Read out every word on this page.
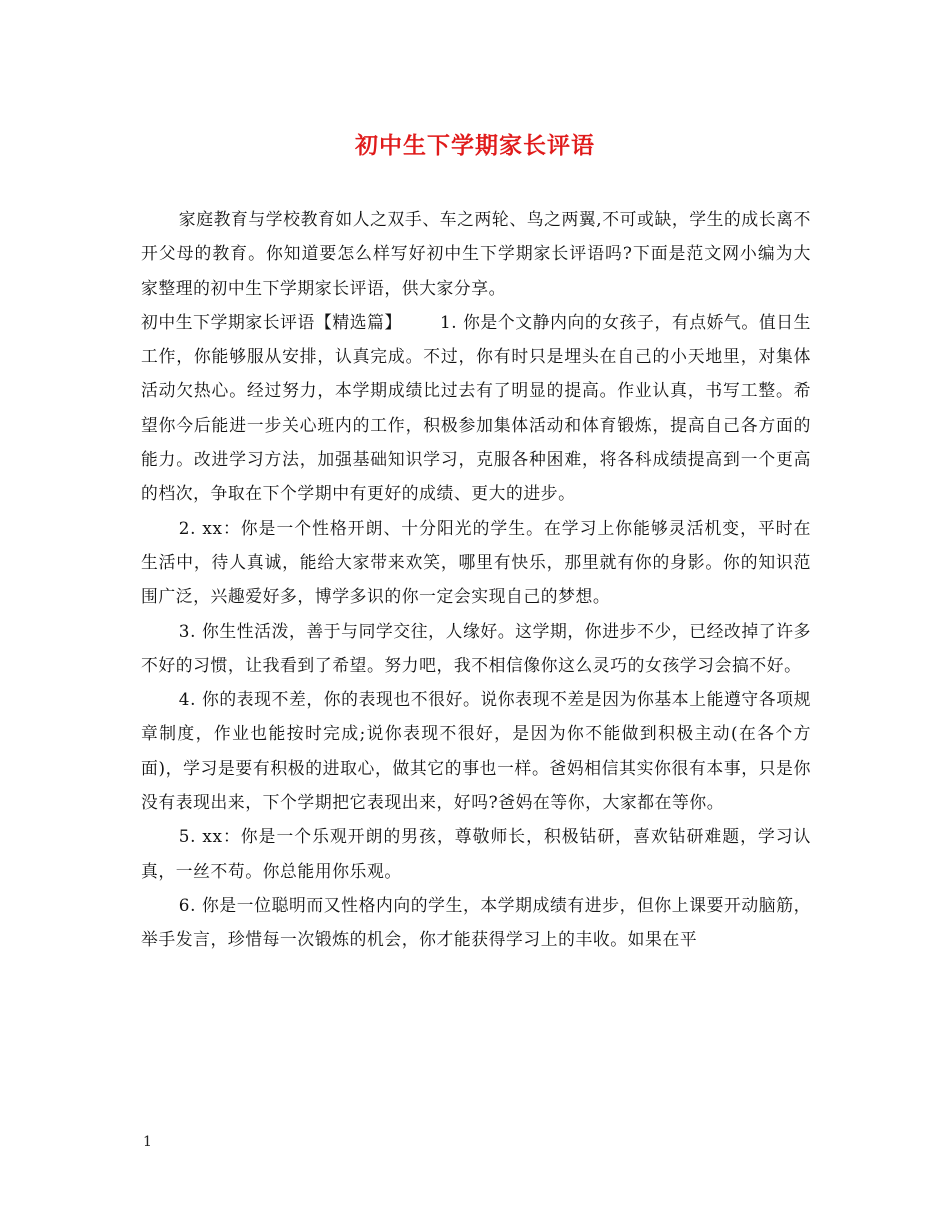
初中生下学期家长评语

家庭教育与学校教育如人之双手、车之两轮、鸟之两翼,不可或缺，学生的成长离不开父母的教育。你知道要怎么样写好初中生下学期家长评语吗?下面是范文网小编为大家整理的初中生下学期家长评语，供大家分享。

初中生下学期家长评语【精选篇】 1. 你是个文静内向的女孩子，有点娇气。值日生工作，你能够服从安排，认真完成。不过，你有时只是埋头在自己的小天地里，对集体活动欠热心。经过努力，本学期成绩比过去有了明显的提高。作业认真，书写工整。希望你今后能进一步关心班内的工作，积极参加集体活动和体育锻炼，提高自己各方面的能力。改进学习方法，加强基础知识学习，克服各种困难，将各科成绩提高到一个更高的档次，争取在下个学期中有更好的成绩、更大的进步。

2. xx：你是一个性格开朗、十分阳光的学生。在学习上你能够灵活机变，平时在生活中，待人真诚，能给大家带来欢笑，哪里有快乐，那里就有你的身影。你的知识范围广泛，兴趣爱好多，博学多识的你一定会实现自己的梦想。

3. 你生性活泼，善于与同学交往，人缘好。这学期，你进步不少，已经改掉了许多不好的习惯，让我看到了希望。努力吧，我不相信像你这么灵巧的女孩学习会搞不好。

4. 你的表现不差，你的表现也不很好。说你表现不差是因为你基本上能遵守各项规章制度，作业也能按时完成;说你表现不很好，是因为你不能做到积极主动(在各个方面)，学习是要有积极的进取心，做其它的事也一样。爸妈相信其实你很有本事，只是你没有表现出来，下个学期把它表现出来，好吗?爸妈在等你，大家都在等你。

5. xx：你是一个乐观开朗的男孩，尊敬师长，积极钻研，喜欢钻研难题，学习认真，一丝不苟。你总能用你乐观。

6. 你是一位聪明而又性格内向的学生，本学期成绩有进步，但你上课要开动脑筋，举手发言，珍惜每一次锻炼的机会，你才能获得学习上的丰收。如果在平

1
